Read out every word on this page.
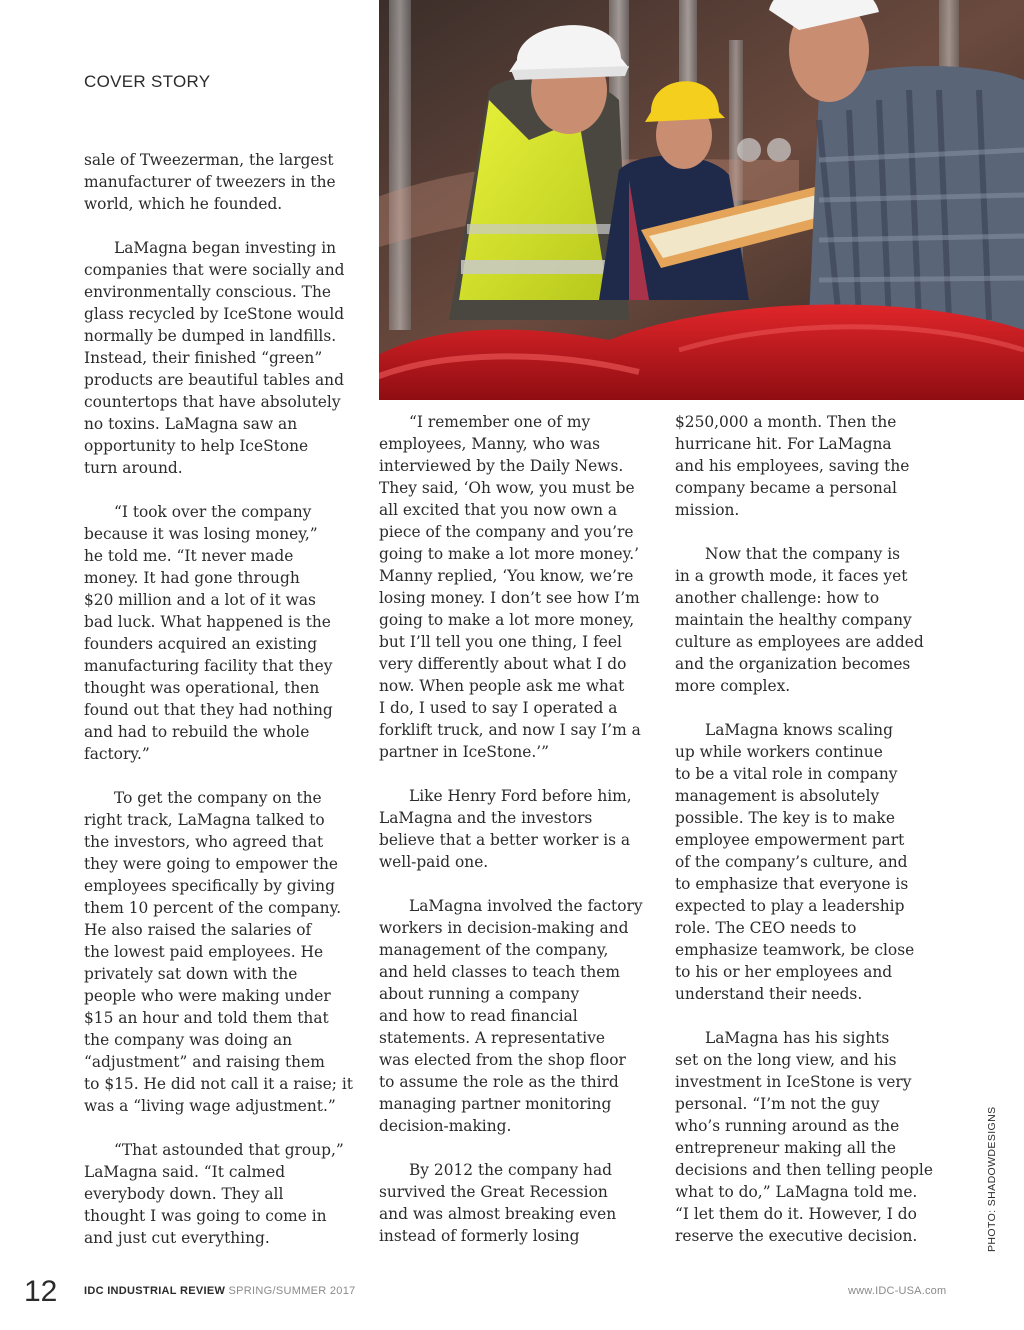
COVER STORY

sale of Tweezerman, the largest
manufacturer of tweezers in the
world, which he founded.

LaMagna began investing in
companies that were socially and
environmentally conscious. The
glass recycled by IceStone would
normally be dumped in landfills.
Instead, their finished “green”
products are beautiful tables and
countertops that have absolutely
no toxins. LaMagna saw an
opportunity to help IceStone
turn around.

“I took over the company
because it was losing money,”
he told me. “It never made
money. It had gone through
$20 million and a lot of it was
bad luck. What happened is the
founders acquired an existing
manufacturing facility that they
thought was operational, then
found out that they had nothing
and had to rebuild the whole
factory.”

To get the company on the
right track, LaMagna talked to
the investors, who agreed that
they were going to empower the
employees specifically by giving
them 10 percent of the company.
He also raised the salaries of
the lowest paid employees. He
privately sat down with the
people who were making under
$15 an hour and told them that
the company was doing an
“adjustment” and raising them
to $15. He did not call it a raise; it
was a “living wage adjustment.”

“That astounded that group,”
LaMagna said. “It calmed
everybody down. They all
thought I was going to come in
and just cut everything.

“I remember one of my
employees, Manny, who was
interviewed by the Daily News.
They said, ‘Oh wow, you must be
all excited that you now own a
piece of the company and you’re
going to make a lot more money.’
Manny replied, ‘You know, we’re
losing money. I don’t see how I’m
going to make a lot more money,
but I’ll tell you one thing, I feel
very differently about what I do
now. When people ask me what
I do, I used to say I operated a
forklift truck, and now I say I’m a
partner in IceStone.’”

Like Henry Ford before him,
LaMagna and the investors
believe that a better worker is a
well-paid one.

LaMagna involved the factory
workers in decision-making and
management of the company,
and held classes to teach them
about running a company
and how to read financial
statements. A representative
was elected from the shop floor
to assume the role as the third
managing partner monitoring
decision-making.

By 2012 the company had
survived the Great Recession
and was almost breaking even
instead of formerly losing

$250,000 a month. Then the
hurricane hit. For LaMagna
and his employees, saving the
company became a personal
mission.

Now that the company is
in a growth mode, it faces yet
another challenge: how to
maintain the healthy company
culture as employees are added
and the organization becomes
more complex.

LaMagna knows scaling
up while workers continue
to be a vital role in company
management is absolutely
possible. The key is to make
employee empowerment part
of the company’s culture, and
to emphasize that everyone is
expected to play a leadership
role. The CEO needs to
emphasize teamwork, be close
to his or her employees and
understand their needs.

LaMagna has his sights
set on the long view, and his
investment in IceStone is very
personal. “I’m not the guy
who’s running around as the
entrepreneur making all the
decisions and then telling people
what to do,” LaMagna told me.
“I let them do it. However, I do
reserve the executive decision.	PHOTO: SHADOWDESIGNS
12 IDC INDUSTRIAL REVIEW SPRING/SUMMER 2017	www.IDC-USA.com
